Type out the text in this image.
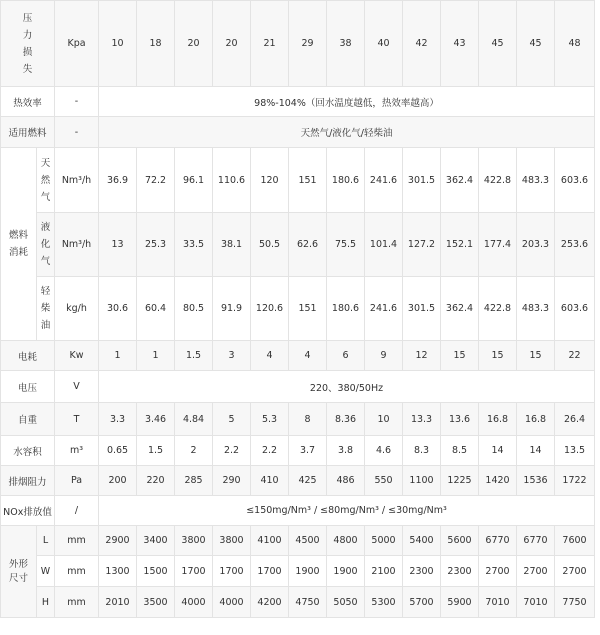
压
力
损
失		Kpa	10	18	20	20	21	29	38	40	42	43	45	45	48
热效率		-	98%-104%（回水温度越低，热效率越高）												
适用燃料		-	天然气/液化气/轻柴油												
燃料
消耗	天
然
气	Nm³/h	36.9	72.2	96.1	110.6	120	151	180.6	241.6	301.5	362.4	422.8	483.3	603.6
	液
化
气	Nm³/h	13	25.3	33.5	38.1	50.5	62.6	75.5	101.4	127.2	152.1	177.4	203.3	253.6
	轻
柴
油	kg/h	30.6	60.4	80.5	91.9	120.6	151	180.6	241.6	301.5	362.4	422.8	483.3	603.6
电耗		Kw	1	1	1.5	3	4	4	6	9	12	15	15	15	22
电压		V	220、380/50Hz												
自重		T	3.3	3.46	4.84	5	5.3	8	8.36	10	13.3	13.6	16.8	16.8	26.4
水容积		m³	0.65	1.5	2	2.2	2.2	3.7	3.8	4.6	8.3	8.5	14	14	13.5
排烟阻力		Pa	200	220	285	290	410	425	486	550	1100	1225	1420	1536	1722
NOx排放值		/	≤150mg/Nm³ / ≤80mg/Nm³ / ≤30mg/Nm³												
外形
尺寸	L	mm	2900	3400	3800	3800	4100	4500	4800	5000	5400	5600	6770	6770	7600
	W	mm	1300	1500	1700	1700	1700	1900	1900	2100	2300	2300	2700	2700	2700
	H	mm	2010	3500	4000	4000	4200	4750	5050	5300	5700	5900	7010	7010	7750
